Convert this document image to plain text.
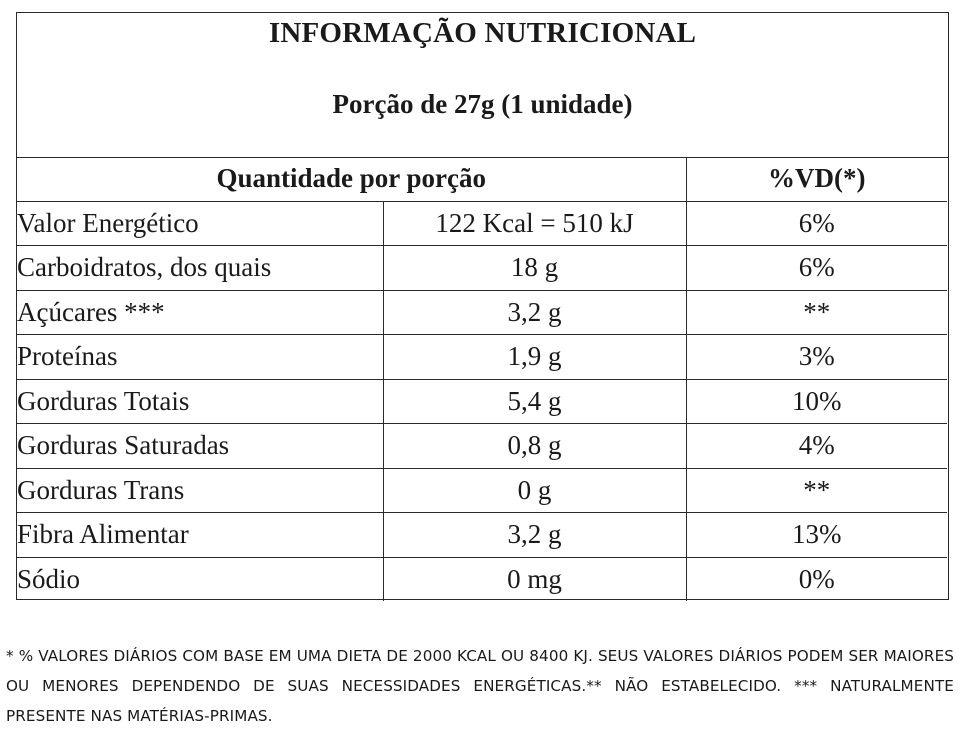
INFORMAÇÃO NUTRICIONAL
Porção de 27g (1 unidade)
Quantidade por porção		%VD(*)
Valor Energético	122 Kcal = 510 kJ	6%
Carboidratos, dos quais	18 g	6%
Açúcares ***	3,2 g	**
Proteínas	1,9 g	3%
Gorduras Totais	5,4 g	10%
Gorduras Saturadas	0,8 g	4%
Gorduras Trans	0 g	**
Fibra Alimentar	3,2 g	13%
Sódio	0 mg	0%
* % VALORES DIÁRIOS COM BASE EM UMA DIETA DE 2000 KCAL OU 8400 KJ. SEUS VALORES DIÁRIOS PODEM SER MAIORES OU MENORES DEPENDENDO DE SUAS NECESSIDADES ENERGÉTICAS.** NÃO ESTABELECIDO. *** NATURALMENTE PRESENTE NAS MATÉRIAS-PRIMAS.
